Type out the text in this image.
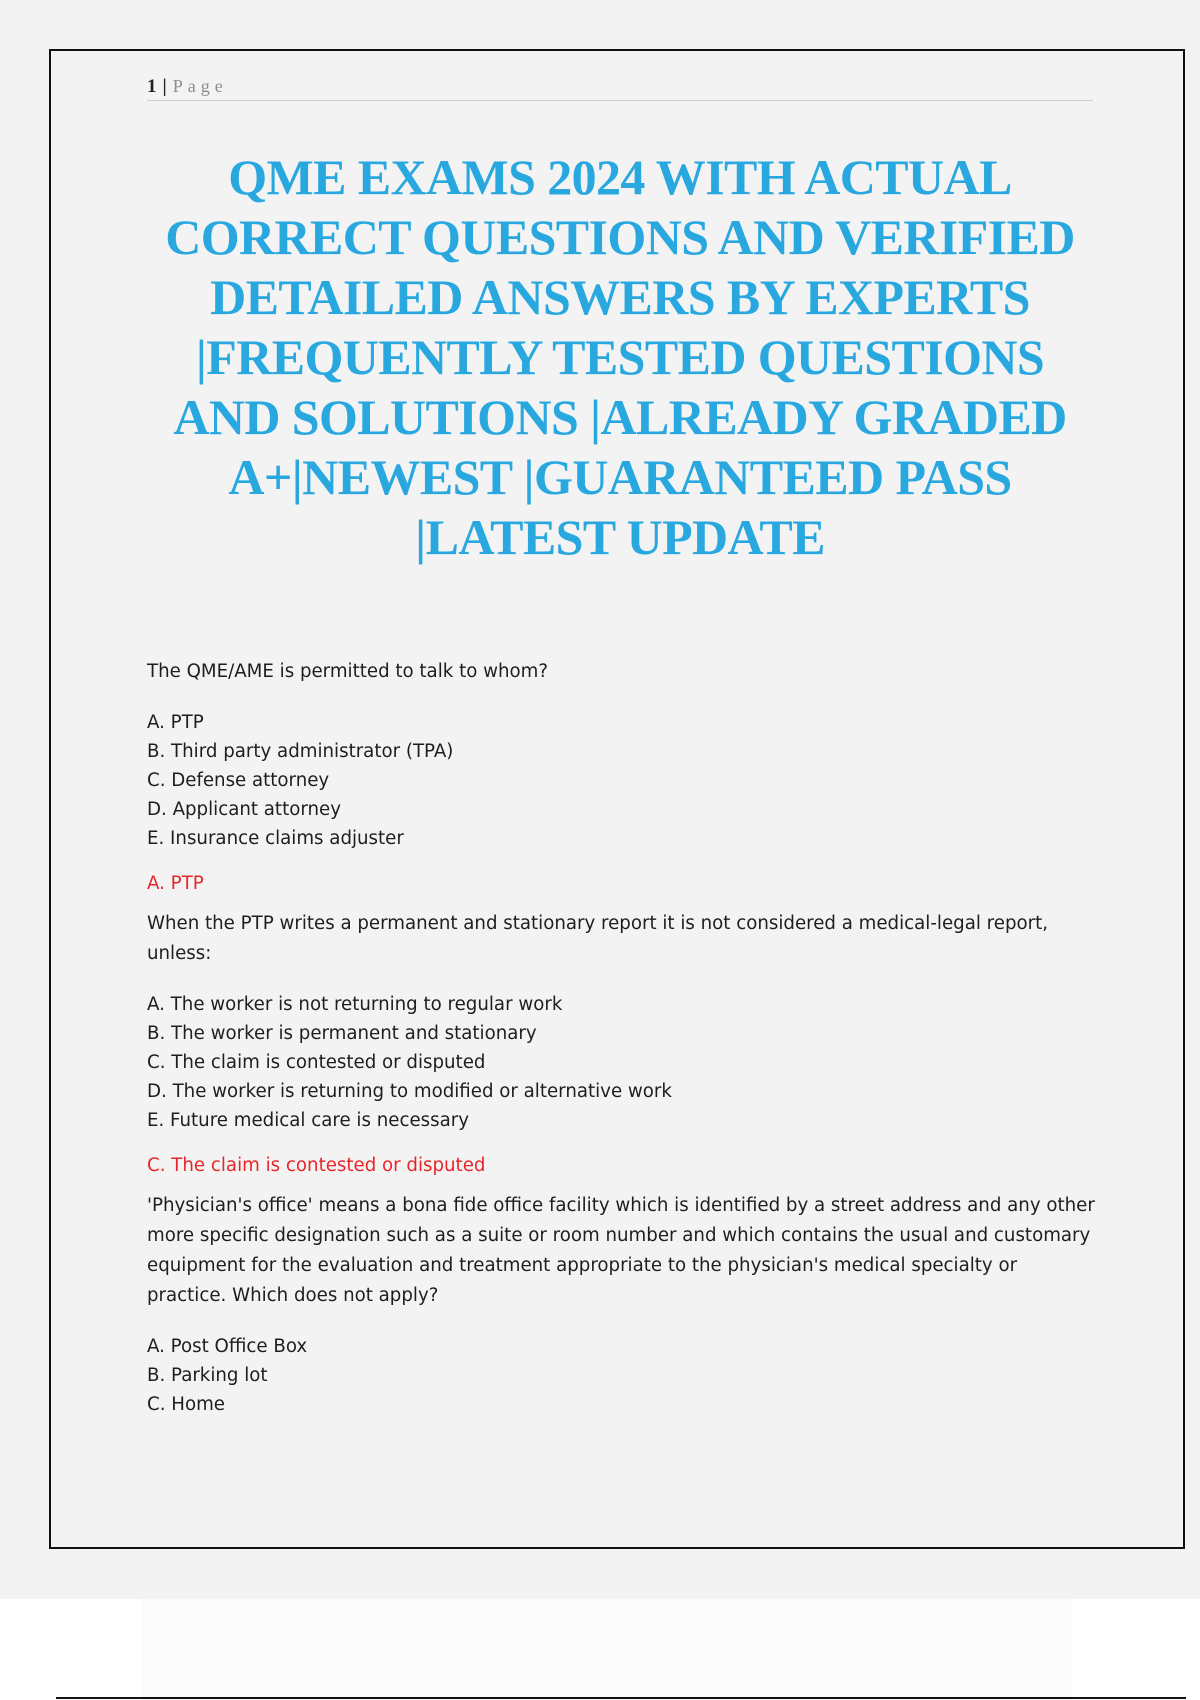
1 | Page
QME EXAMS 2024 WITH ACTUAL CORRECT QUESTIONS AND VERIFIED DETAILED ANSWERS BY EXPERTS |FREQUENTLY TESTED QUESTIONS AND SOLUTIONS |ALREADY GRADED A+|NEWEST |GUARANTEED PASS |LATEST UPDATE

The QME/AME is permitted to talk to whom?

A. PTP
B. Third party administrator (TPA)
C. Defense attorney
D. Applicant attorney
E. Insurance claims adjuster

A. PTP

When the PTP writes a permanent and stationary report it is not considered a medical-legal report, unless:

A. The worker is not returning to regular work
B. The worker is permanent and stationary
C. The claim is contested or disputed
D. The worker is returning to modified or alternative work
E. Future medical care is necessary

C. The claim is contested or disputed

'Physician's office' means a bona fide office facility which is identified by a street address and any other more specific designation such as a suite or room number and which contains the usual and customary equipment for the evaluation and treatment appropriate to the physician's medical specialty or practice. Which does not apply?

A. Post Office Box
B. Parking lot
C. Home
